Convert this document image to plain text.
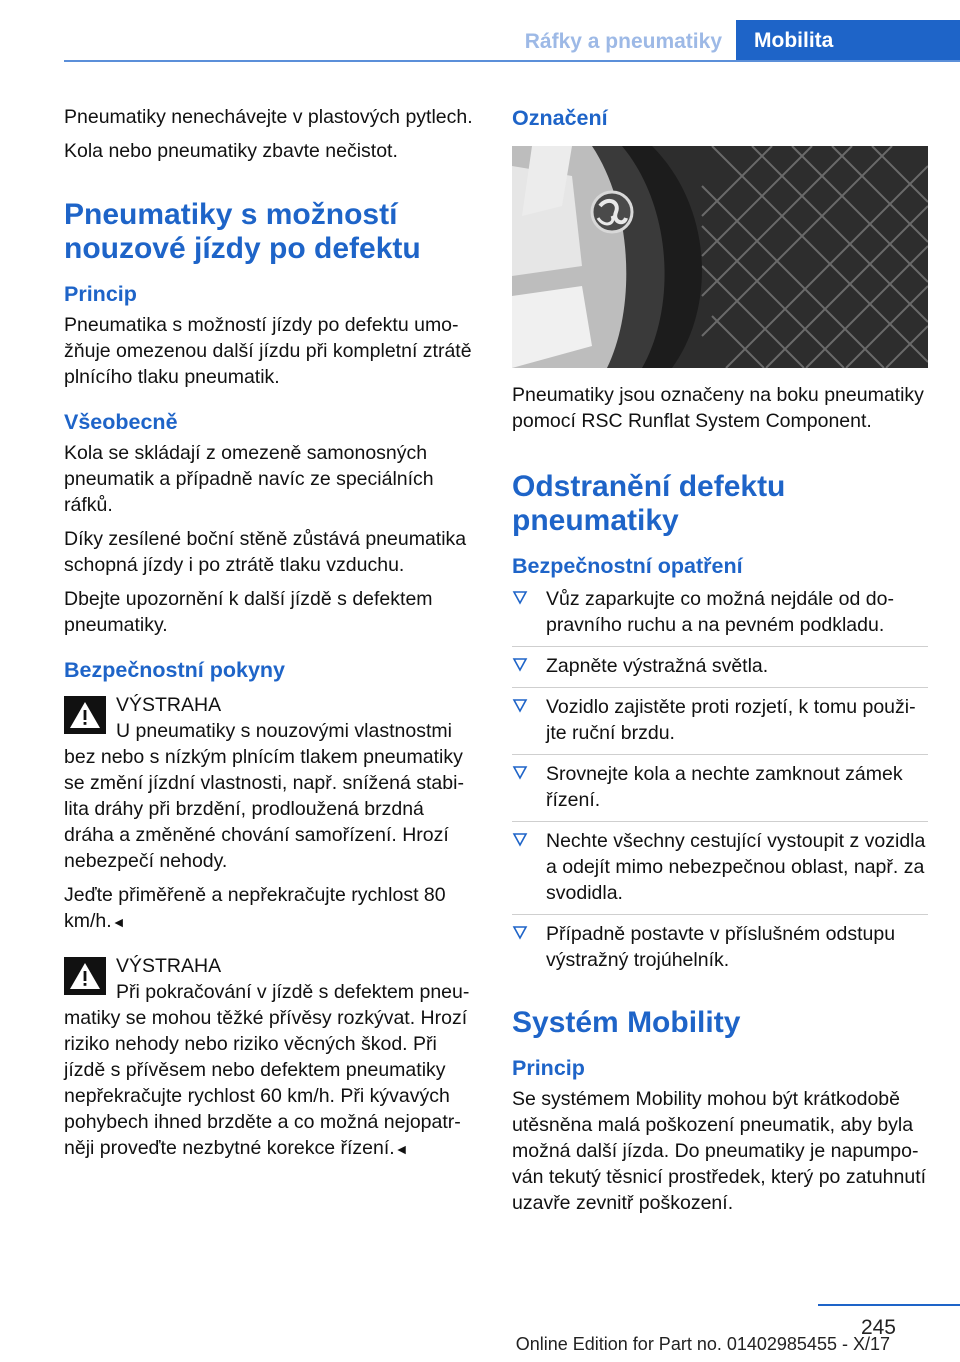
Ráfky a pneumatiky Mobilita

Pneumatiky nenechávejte v plastových pytlech.

Kola nebo pneumatiky zbavte nečistot.

Pneumatiky s možností nouzové jízdy po defektu
Princip

Pneumatika s možností jízdy po defektu umožňuje omezenou další jízdu při kompletní ztrátě plnícího tlaku pneumatik.

Všeobecně

Kola se skládají z omezeně samonosných pneumatik a případně navíc ze speciálních ráfků.

Díky zesílené boční stěně zůstává pneumatika schopná jízdy i po ztrátě tlaku vzduchu.

Dbejte upozornění k další jízdě s defektem pneumatiky.

Bezpečnostní pokyny

VÝSTRAHA

U pneumatiky s nouzovými vlastnostmi bez nebo s nízkým plnícím tlakem pneumatiky se změní jízdní vlastnosti, např. snížená stabilita dráhy při brzdění, prodloužená brzdná dráha a změněné chování samořízení. Hrozí nebezpečí nehody.

Jeďte přiměřeně a nepřekračujte rychlost 80 km/h.◄

VÝSTRAHA

Při pokračování v jízdě s defektem pneumatiky se mohou těžké přívěsy rozkývat. Hrozí riziko nehody nebo riziko věcných škod. Při jízdě s přívěsem nebo defektem pneumatiky nepřekračujte rychlost 60 km/h. Při kývavých pohybech ihned brzděte a co možná nejopatrněji proveďte nezbytné korekce řízení.◄

Označení

Pneumatiky jsou označeny na boku pneumatiky pomocí RSC Runflat System Component.

Odstranění defektu pneumatiky
Bezpečnostní opatření
Vůz zaparkujte co možná nejdále od dopravního ruchu a na pevném podkladu.
Zapněte výstražná světla.
Vozidlo zajistěte proti rozjetí, k tomu použijte ruční brzdu.
Srovnejte kola a nechte zamknout zámek řízení.
Nechte všechny cestující vystoupit z vozidla a odejít mimo nebezpečnou oblast, např. za svodidla.
Případně postavte v příslušném odstupu výstražný trojúhelník.
Systém Mobility
Princip

Se systémem Mobility mohou být krátkodobě utěsněna malá poškození pneumatik, aby byla možná další jízda. Do pneumatiky je napumpován tekutý těsnicí prostředek, který po zatuhnutí uzavře zevnitř poškození.

245
Online Edition for Part no. 01402985455 - X/17
